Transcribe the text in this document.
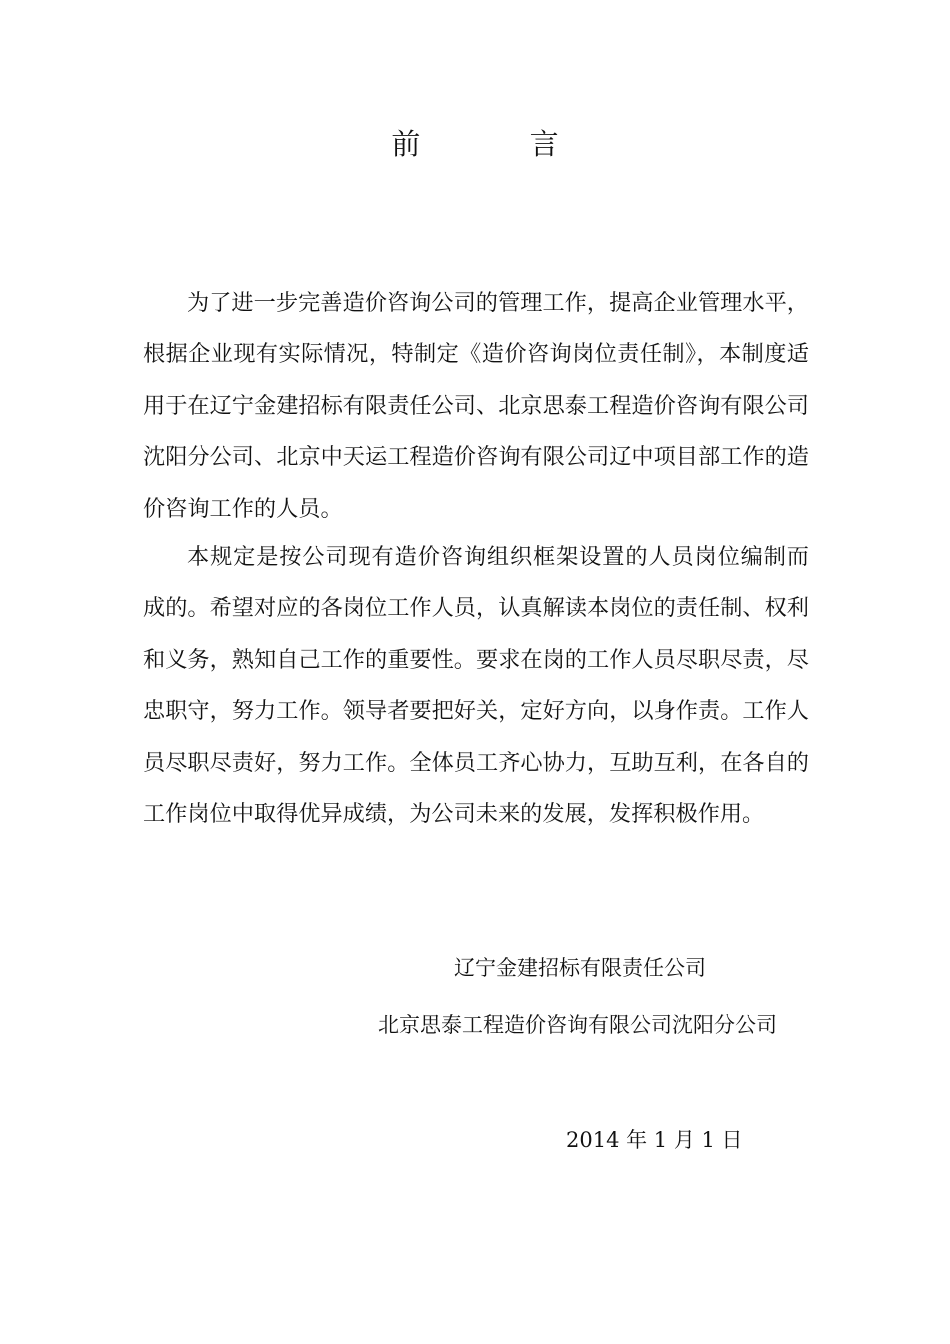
前 言

为了进一步完善造价咨询公司的管理工作，提高企业管理水平，
根据企业现有实际情况，特制定《造价咨询岗位责任制》，本制度适
用于在辽宁金建招标有限责任公司、北京思泰工程造价咨询有限公司
沈阳分公司、北京中天运工程造价咨询有限公司辽中项目部工作的造
价咨询工作的人员。

本规定是按公司现有造价咨询组织框架设置的人员岗位编制而
成的。希望对应的各岗位工作人员，认真解读本岗位的责任制、权利
和义务，熟知自己工作的重要性。要求在岗的工作人员尽职尽责，尽
忠职守，努力工作。领导者要把好关，定好方向，以身作责。工作人
员尽职尽责好，努力工作。全体员工齐心协力，互助互利，在各自的
工作岗位中取得优异成绩，为公司未来的发展，发挥积极作用。

辽宁金建招标有限责任公司
北京思泰工程造价咨询有限公司沈阳分公司
2014 年 1 月 1 日
